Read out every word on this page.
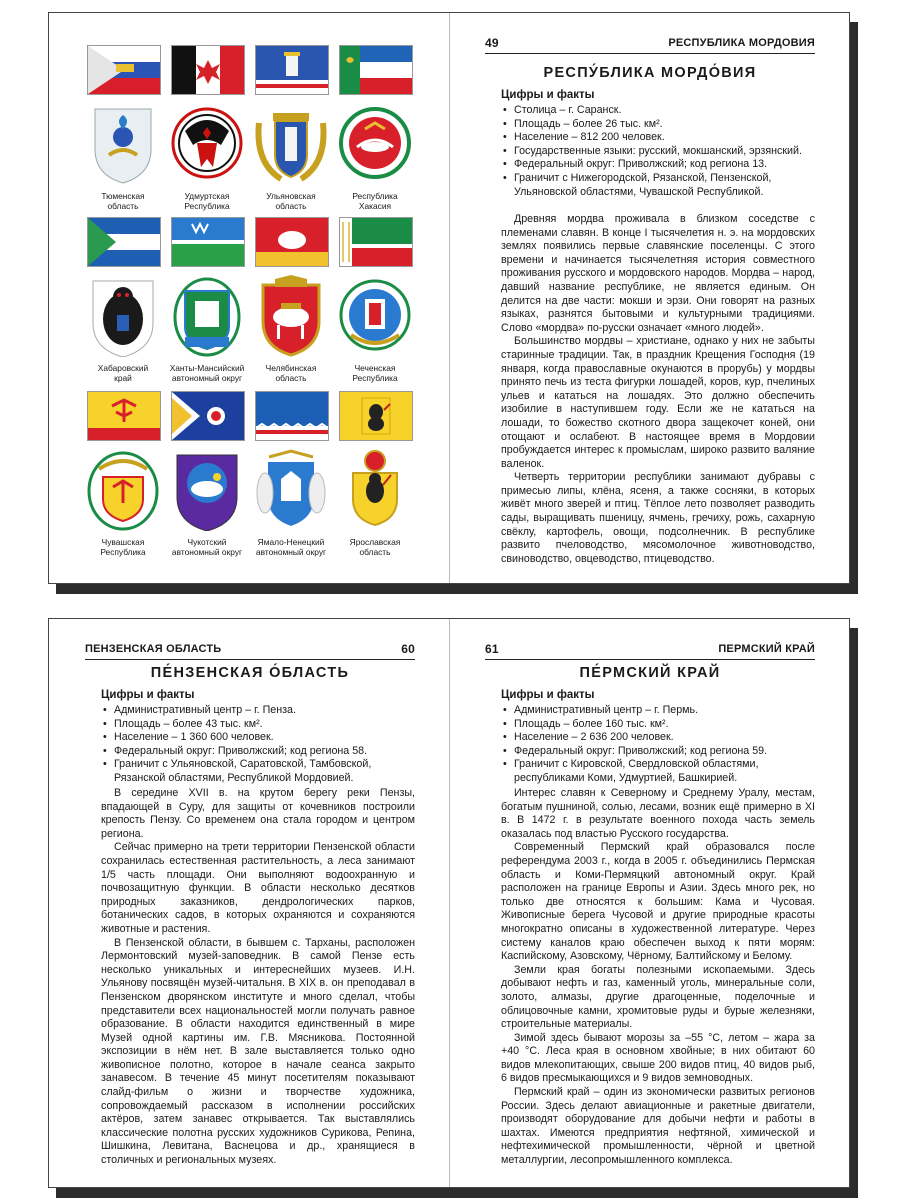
Тюменская
область
Удмуртская
Республика
Ульяновская
область
Республика
Хакасия
Хабаровский
край
Ханты-Мансийский
автономный округ
Челябинская
область
Чеченская
Республика
Чувашская
Республика
Чукотский
автономный округ
Ямало-Ненецкий
автономный округ
Ярославская
область
49	РЕСПУБЛИКА МОРДОВИЯ
РЕСПУ́БЛИКА МОРДО́ВИЯ
Цифры и факты
• Столица – г. Саранск.
• Площадь – более 26 тыс. км².
• Население – 812 200 человек.
• Государственные языки: русский, мокшанский, эрзянский.
• Федеральный округ: Приволжский; код региона 13.
• Граничит с Нижегородской, Рязанской, Пензенской, Ульяновской областями, Чувашской Республикой.

Древняя мордва проживала в близком соседстве с племенами славян. В конце I тысячелетия н. э. на мордовских землях появились первые славянские поселенцы. С этого времени и начинается тысячелетняя история совместного проживания русского и мордовского народов. Мордва – народ, давший название республике, не является единым. Он делится на две части: мокши и эрзи. Они говорят на разных языках, разнятся бытовыми и культурными традициями. Слово «мордва» по-русски означает «много людей».

Большинство мордвы – христиане, однако у них не забыты старинные традиции. Так, в праздник Крещения Господня (19 января, когда православные окунаются в прорубь) у мордвы принято печь из теста фигурки лошадей, коров, кур, пчелиных ульев и кататься на лошадях. Это должно обеспечить изобилие в наступившем году. Если же не кататься на лошади, то божество скотного двора защекочет коней, они отощают и ослабеют. В настоящее время в Мордовии пробуждается интерес к промыслам, широко развито валяние валенок.

Четверть территории республики занимают дубравы с примесью липы, клёна, ясеня, а также сосняки, в которых живёт много зверей и птиц. Тёплое лето позволяет разводить сады, выращивать пшеницу, ячмень, гречиху, рожь, сахарную свёклу, картофель, овощи, подсолнечник. В республике развито пчеловодство, мясомолочное животноводство, свиноводство, овцеводство, птицеводство.

ПЕНЗЕНСКАЯ ОБЛАСТЬ	60
ПЕ́НЗЕНСКАЯ О́БЛАСТЬ
Цифры и факты
• Административный центр – г. Пенза.
• Площадь – более 43 тыс. км².
• Население – 1 360 600 человек.
• Федеральный округ: Приволжский; код региона 58.
• Граничит с Ульяновской, Саратовской, Тамбовской, Рязанской областями, Республикой Мордовией.

В середине XVII в. на крутом берегу реки Пензы, впадающей в Суру, для защиты от кочевников построили крепость Пензу. Со временем она стала городом и центром региона.

Сейчас примерно на трети территории Пензенской области сохранилась естественная растительность, а леса занимают 1/5 часть площади. Они выполняют водоохранную и почвозащитную функции. В области несколько десятков природных заказников, дендрологических парков, ботанических садов, в которых охраняются и сохраняются животные и растения.

В Пензенской области, в бывшем с. Тарханы, расположен Лермонтовский музей-заповедник. В самой Пензе есть несколько уникальных и интереснейших музеев. И.Н. Ульянову посвящён музей-читальня. В XIX в. он преподавал в Пензенском дворянском институте и много сделал, чтобы представители всех национальностей могли получать равное образование. В области находится единственный в мире Музей одной картины им. Г.В. Мясникова. Постоянной экспозиции в нём нет. В зале выставляется только одно живописное полотно, которое в начале сеанса закрыто занавесом. В течение 45 минут посетителям показывают слайд-фильм о жизни и творчестве художника, сопровождаемый рассказом в исполнении российских актёров, затем занавес открывается. Так выставлялись классические полотна русских художников Сурикова, Репина, Шишкина, Левитана, Васнецова и др., хранящиеся в столичных и региональных музеях.

61	ПЕРМСКИЙ КРАЙ
ПЕ́РМСКИЙ КРАЙ
Цифры и факты
• Административный центр – г. Пермь.
• Площадь – более 160 тыс. км².
• Население – 2 636 200 человек.
• Федеральный округ: Приволжский; код региона 59.
• Граничит с Кировской, Свердловской областями, республиками Коми, Удмуртией, Башкирией.

Интерес славян к Северному и Среднему Уралу, местам, богатым пушниной, солью, лесами, возник ещё примерно в XI в. В 1472 г. в результате военного похода часть земель оказалась под властью Русского государства.

Современный Пермский край образовался после референдума 2003 г., когда в 2005 г. объединились Пермская область и Коми-Пермяцкий автономный округ. Край расположен на границе Европы и Азии. Здесь много рек, но только две относятся к большим: Кама и Чусовая. Живописные берега Чусовой и другие природные красоты многократно описаны в художественной литературе. Через систему каналов краю обеспечен выход к пяти морям: Каспийскому, Азовскому, Чёрному, Балтийскому и Белому.

Земли края богаты полезными ископаемыми. Здесь добывают нефть и газ, каменный уголь, минеральные соли, золото, алмазы, другие драгоценные, поделочные и облицовочные камни, хромитовые руды и бурые железняки, строительные материалы.

Зимой здесь бывают морозы за –55 °С, летом – жара за +40 °С. Леса края в основном хвойные; в них обитают 60 видов млекопитающих, свыше 200 видов птиц, 40 видов рыб, 6 видов пресмыкающихся и 9 видов земноводных.

Пермский край – один из экономически развитых регионов России. Здесь делают авиационные и ракетные двигатели, производят оборудование для добычи нефти и работы в шахтах. Имеются предприятия нефтяной, химической и нефтехимической промышленности, чёрной и цветной металлургии, лесопромышленного комплекса.
